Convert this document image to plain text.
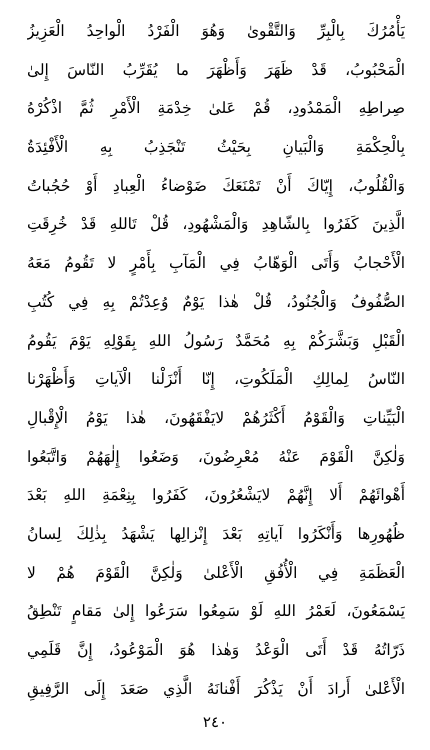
يَأْمُرُكَ بِالْبِرِّ وَالتَّقْوىٰ وَهُوَ الْفَرْدُ الْواحِدُ الْعَزِيزُ
الْمَحْبُوبُ، قَدْ ظَهَرَ وَأَظْهَرَ ما يُقَرِّبُ النّاسَ إِلىٰ
صِراطِهِ الْمَمْدُودِ، قُمْ عَلىٰ خِدْمَةِ الْأَمْرِ ثُمَّ اذْكُرْهُ
بِالْحِكْمَةِ وَالْبَيانِ بِحَيْثُ تَنْجَذِبُ بِهِ الْأَفْئِدَةُ
وَالْقُلُوبُ، إِيّاكَ أَنْ تَمْنَعَكَ ضَوْضاءُ الْعِبادِ أَوْ حُجُباتُ
الَّذِينَ كَفَرُوا بِالشّاهِدِ وَالْمَشْهُودِ، قُلْ تَاللهِ قَدْ خُرِقَتِ
الْأَحْجابُ وَأَتَى الْوَهّابُ فِي الْمَآبِ بِأَمْرٍ لا تَقُومُ مَعَهُ
الصُّفُوفُ وَالْجُنُودُ، قُلْ هٰذا يَوْمٌ وُعِدْتُمْ بِهِ فِي كُتُبِ
الْقَبْلِ وَبَشَّرَكُمْ بِهِ مُحَمَّدٌ رَسُولُ اللهِ بِقَوْلِهِ يَوْمَ يَقُومُ
النّاسُ لِمالِكِ الْمَلَكُوتِ، إِنّا أَنْزَلْنا الْآياتِ وَأَظْهَرْنا
الْبَيِّناتِ وَالْقَوْمُ أَكْثَرُهُمْ لايَفْقَهُونَ، هٰذا يَوْمُ الْإِقْبالِ
وَلٰكِنَّ الْقَوْمَ عَنْهُ مُعْرِضُونَ، وَضَعُوا إِلٰهَهُمْ وَاتَّبَعُوا
أَهْوائَهُمْ أَلا إِنَّهُمْ لايَشْعُرُونَ، كَفَرُوا بِنِعْمَةِ اللهِ بَعْدَ
ظُهُورِها وَأَنْكَرُوا آياتِهِ بَعْدَ إِنْزالِها يَشْهَدُ بِذٰلِكَ لِسانُ
الْعَظَمَةِ فِي الْأُفُقِ الْأَعْلىٰ وَلٰكِنَّ الْقَوْمَ هُمْ لا
يَسْمَعُونَ، لَعَمْرُ اللهِ لَوْ سَمِعُوا سَرَعُوا إِلىٰ مَقامٍ تَنْطِقُ
ذَرّاتُهُ قَدْ أَتَى الْوَعْدُ وَهٰذا هُوَ الْمَوْعُودُ، إِنَّ قَلَمِي
الْأَعْلىٰ أَرادَ أَنْ يَذْكُرَ أَفْنانَهُ الَّذِي صَعَدَ إِلَى الرَّفِيقِ
٢٤٠
